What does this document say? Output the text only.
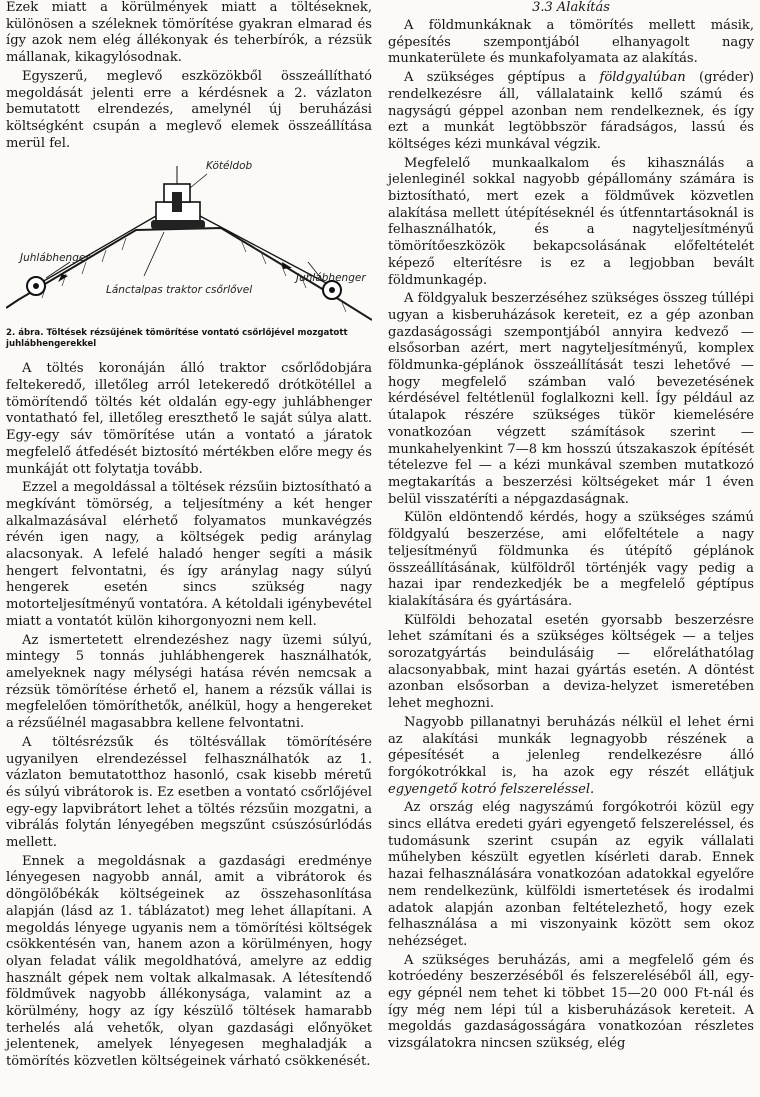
Ezek miatt a körülmények miatt a töltéseknek, különösen a széleknek tömörítése gyakran elmarad és így azok nem elég állékonyak és teherbírók, a rézsük mállanak, kikagylósodnak.

Egyszerű, meglevő eszközökből összeállítható megoldását jelenti erre a kérdésnek a 2. vázlaton bemutatott elrendezés, amelynél új beruházási költségként csupán a meglevő elemek összeállítása merül fel.

Kötéldob
Juhlábhenger
Juhlábhenger
Lánctalpas traktor csőrlővel
2. ábra. Töltések rézsűjének tömörítése vontató csőrlőjével mozgatott juhlábhengerekkel

A töltés koronáján álló traktor csőrlődobjára feltekeredő, illetőleg arról letekeredő drótkötéllel a tömörítendő töltés két oldalán egy-egy juhlábhenger vontatható fel, illetőleg ereszthető le saját súlya alatt. Egy-egy sáv tömörítése után a vontató a járatok megfelelő átfedését biztosító mértékben előre megy és munkáját ott folytatja tovább.

Ezzel a megoldással a töltések rézsűin biztosítható a megkívánt tömörség, a teljesítmény a két henger alkalmazásával elérhető folyamatos munkavégzés révén igen nagy, a költségek pedig aránylag alacsonyak. A lefelé haladó henger segíti a másik hengert felvontatni, és így aránylag nagy súlyú hengerek esetén sincs szükség nagy motorteljesítményű vontatóra. A kétoldali igénybevétel miatt a vontatót külön kihorgonyozni nem kell.

Az ismertetett elrendezéshez nagy üzemi súlyú, mintegy 5 tonnás juhlábhengerek használhatók, amelyeknek nagy mélységi hatása révén nemcsak a rézsük tömörítése érhető el, hanem a rézsűk vállai is megfelelően tömöríthetők, anélkül, hogy a hengereket a rézsűélnél magasabbra kellene felvontatni.

A töltésrézsűk és töltésvállak tömörítésére ugyanilyen elrendezéssel felhasználhatók az 1. vázlaton bemutatotthoz hasonló, csak kisebb méretű és súlyú vibrátorok is. Ez esetben a vontató csőrlőjével egy-egy lapvibrátort lehet a töltés rézsűin mozgatni, a vibrálás folytán lényegében megszűnt csúszósúrlódás mellett.

Ennek a megoldásnak a gazdasági eredménye lényegesen nagyobb annál, amit a vibrátorok és döngölőbékák költségeinek az összehasonlítása alapján (lásd az 1. táblázatot) meg lehet állapítani. A megoldás lényege ugyanis nem a tömörítési költségek csökkentésén van, hanem azon a körülményen, hogy olyan feladat válik megoldhatóvá, amelyre az eddig használt gépek nem voltak alkalmasak. A létesítendő földművek nagyobb állékonysága, valamint az a körülmény, hogy az így készülő töltések hamarabb terhelés alá vehetők, olyan gazdasági előnyöket jelentenek, amelyek lényegesen meghaladják a tömörítés közvetlen költségeinek várható csökkenését.

3.3 Alakítás

A földmunkáknak a tömörítés mellett másik, gépesítés szempontjából elhanyagolt nagy munkaterülete és munkafolyamata az alakítás.

A szükséges géptípus a földgyalúban (gréder) rendelkezésre áll, vállalataink kellő számú és nagyságú géppel azonban nem rendelkeznek, és így ezt a munkát legtöbbször fáradságos, lassú és költséges kézi munkával végzik.

Megfelelő munkaalkalom és kihasználás a jelenleginél sokkal nagyobb gépállomány számára is biztosítható, mert ezek a földművek közvetlen alakítása mellett útépítéseknél és útfenntartásoknál is felhasználhatók, és a nagyteljesítményű tömörítőeszközök bekapcsolásának előfeltételét képező elterítésre is ez a legjobban bevált földmunkagép.

A földgyaluk beszerzéséhez szükséges összeg túllépi ugyan a kisberuházások kereteit, ez a gép azonban gazdaságossági szempontjából annyira kedvező — elsősorban azért, mert nagyteljesítményű, komplex földmunka-géplánok összeállítását teszi lehetővé — hogy megfelelő számban való bevezetésének kérdésével feltétlenül foglalkozni kell. Így például az útalapok részére szükséges tükör kiemelésére vonatkozóan végzett számítások szerint — munkahelyenkint 7—8 km hosszú útszakaszok építését tételezve fel — a kézi munkával szemben mutatkozó megtakarítás a beszerzési költségeket már 1 éven belül visszatéríti a népgazdaságnak.

Külön eldöntendő kérdés, hogy a szükséges számú földgyalú beszerzése, ami előfeltétele a nagy teljesítményű földmunka és útépítő géplánok összeállításának, külföldről történjék vagy pedig a hazai ipar rendezkedjék be a megfelelő géptípus kialakítására és gyártására.

Külföldi behozatal esetén gyorsabb beszerzésre lehet számítani és a szükséges költségek — a teljes sorozatgyártás beindulásáig — előreláthatólag alacsonyabbak, mint hazai gyártás esetén. A döntést azonban elsősorban a deviza-helyzet ismeretében lehet meghozni.

Nagyobb pillanatnyi beruházás nélkül el lehet érni az alakítási munkák legnagyobb részének a gépesítését a jelenleg rendelkezésre álló forgókotrókkal is, ha azok egy részét ellátjuk egyengető kotró felszereléssel.

Az ország elég nagyszámú forgókotrói közül egy sincs ellátva eredeti gyári egyengető felszereléssel, és tudomásunk szerint csupán az egyik vállalati műhelyben készült egyetlen kísérleti darab. Ennek hazai felhasználására vonatkozóan adatokkal egyelőre nem rendelkezünk, külföldi ismertetések és irodalmi adatok alapján azonban feltételezhető, hogy ezek felhasználása a mi viszonyaink között sem okoz nehézséget.

A szükséges beruházás, ami a megfelelő gém és kotróedény beszerzéséből és felszereléséből áll, egy-egy gépnél nem tehet ki többet 15—20 000 Ft-nál és így még nem lépi túl a kisberuházások kereteit. A megoldás gazdaságosságára vonatkozóan részletes vizsgálatokra nincsen szükség, elég
